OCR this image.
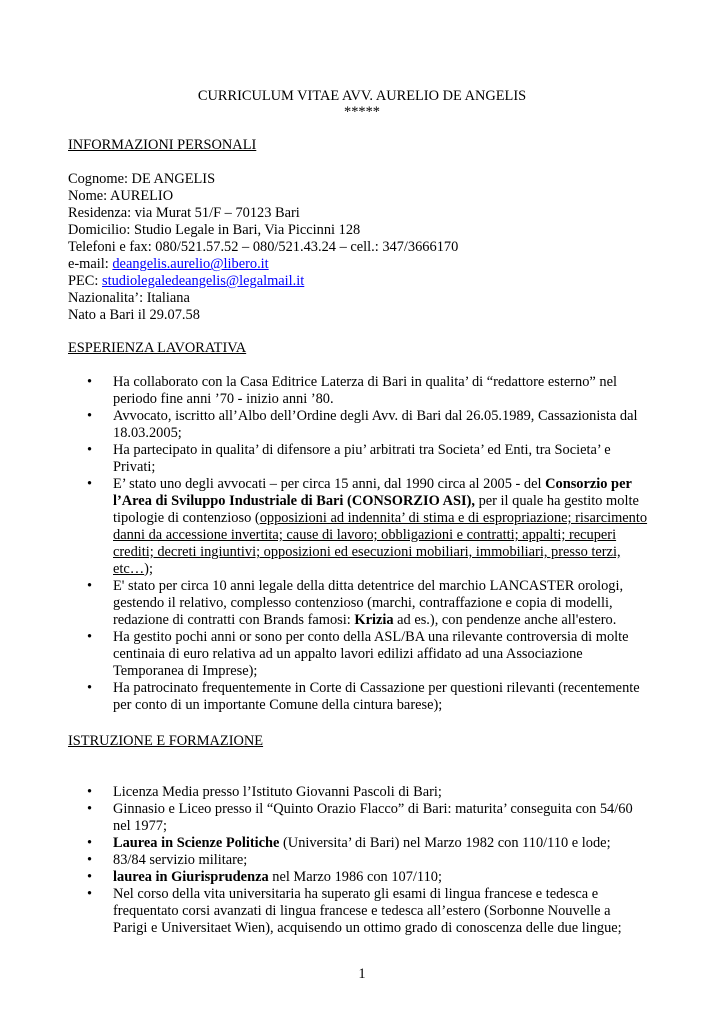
CURRICULUM VITAE AVV. AURELIO DE ANGELIS
*****
INFORMAZIONI PERSONALI
Cognome: DE ANGELIS
Nome: AURELIO
Residenza: via Murat 51/F – 70123 Bari
Domicilio: Studio Legale in Bari, Via Piccinni 128
Telefoni e fax: 080/521.57.52 – 080/521.43.24 – cell.: 347/3666170
e-mail: deangelis.aurelio@libero.it
PEC: studiolegaledeangelis@legalmail.it
Nazionalita’: Italiana
Nato a Bari il 29.07.58
ESPERIENZA LAVORATIVA
• Ha collaborato con la Casa Editrice Laterza di Bari in qualita’ di “redattore esterno” nel periodo fine anni ’70 - inizio anni ’80.
• Avvocato, iscritto all’Albo dell’Ordine degli Avv. di Bari dal 26.05.1989, Cassazionista dal 18.03.2005;
• Ha partecipato in qualita’ di difensore a piu’ arbitrati tra Societa’ ed Enti, tra Societa’ e Privati;
• E’ stato uno degli avvocati – per circa 15 anni, dal 1990 circa al 2005 - del Consorzio per l’Area di Sviluppo Industriale di Bari (CONSORZIO ASI), per il quale ha gestito molte tipologie di contenzioso (opposizioni ad indennita’ di stima e di espropriazione; risarcimento danni da accessione invertita; cause di lavoro; obbligazioni e contratti; appalti; recuperi crediti; decreti ingiuntivi; opposizioni ed esecuzioni mobiliari, immobiliari, presso terzi, etc…);
• E' stato per circa 10 anni legale della ditta detentrice del marchio LANCASTER orologi, gestendo il relativo, complesso contenzioso (marchi, contraffazione e copia di modelli, redazione di contratti con Brands famosi: Krizia ad es.), con pendenze anche all'estero.
• Ha gestito pochi anni or sono per conto della ASL/BA una rilevante controversia di molte centinaia di euro relativa ad un appalto lavori edilizi affidato ad una Associazione Temporanea di Imprese);
• Ha patrocinato frequentemente in Corte di Cassazione per questioni rilevanti (recentemente per conto di un importante Comune della cintura barese);
ISTRUZIONE E FORMAZIONE
• Licenza Media presso l’Istituto Giovanni Pascoli di Bari;
• Ginnasio e Liceo presso il “Quinto Orazio Flacco” di Bari: maturita’ conseguita con 54/60 nel 1977;
• Laurea in Scienze Politiche (Universita’ di Bari) nel Marzo 1982 con 110/110 e lode;
• 83/84 servizio militare;
• laurea in Giurisprudenza nel Marzo 1986 con 107/110;
• Nel corso della vita universitaria ha superato gli esami di lingua francese e tedesca e frequentato corsi avanzati di lingua francese e tedesca all’estero (Sorbonne Nouvelle a Parigi e Universitaet Wien), acquisendo un ottimo grado di conoscenza delle due lingue;
1
